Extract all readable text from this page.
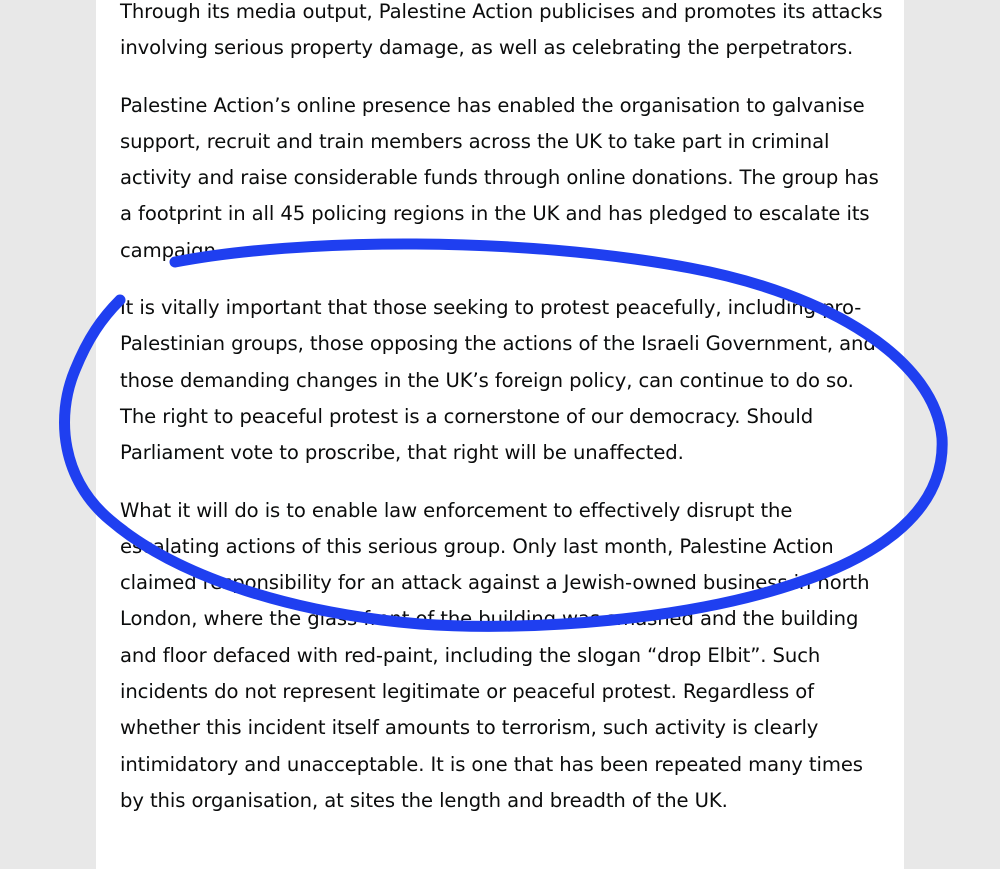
Through its media output, Palestine Action publicises and promotes its attacks involving serious property damage, as well as celebrating the perpetrators.

Palestine Action’s online presence has enabled the organisation to galvanise support, recruit and train members across the UK to take part in criminal activity and raise considerable funds through online donations. The group has a footprint in all 45 policing regions in the UK and has pledged to escalate its campaign.

It is vitally important that those seeking to protest peacefully, including pro-Palestinian groups, those opposing the actions of the Israeli Government, and those demanding changes in the UK’s foreign policy, can continue to do so. The right to peaceful protest is a cornerstone of our democracy. Should Parliament vote to proscribe, that right will be unaffected.

What it will do is to enable law enforcement to effectively disrupt the escalating actions of this serious group. Only last month, Palestine Action claimed responsibility for an attack against a Jewish-owned business in north London, where the glass front of the building was smashed and the building and floor defaced with red-paint, including the slogan “drop Elbit”. Such incidents do not represent legitimate or peaceful protest. Regardless of whether this incident itself amounts to terrorism, such activity is clearly intimidatory and unacceptable. It is one that has been repeated many times by this organisation, at sites the length and breadth of the UK.
